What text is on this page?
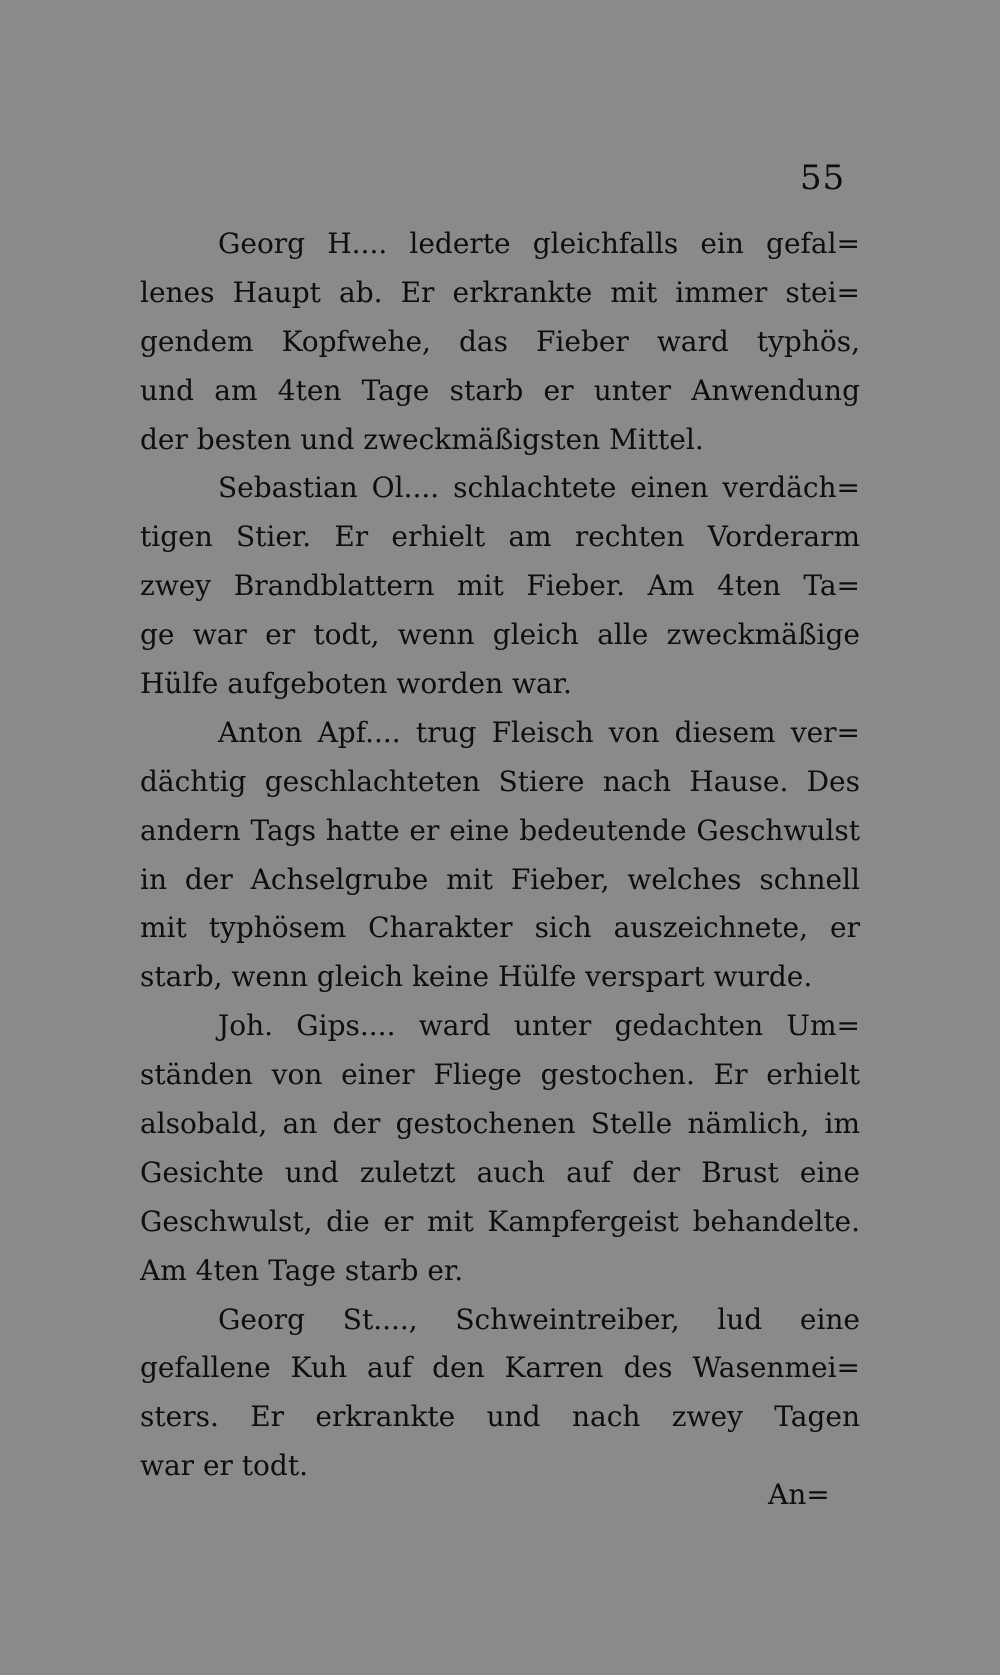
55
Georg H.... lederte gleichfalls ein gefal=
lenes Haupt ab. Er erkrankte mit immer stei=
gendem Kopfwehe, das Fieber ward typhös,
und am 4ten Tage starb er unter Anwendung
der besten und zweckmäßigsten Mittel.
Sebastian Ol.... schlachtete einen verdäch=
tigen Stier. Er erhielt am rechten Vorderarm
zwey Brandblattern mit Fieber. Am 4ten Ta=
ge war er todt, wenn gleich alle zweckmäßige
Hülfe aufgeboten worden war.
Anton Apf.... trug Fleisch von diesem ver=
dächtig geschlachteten Stiere nach Hause. Des
andern Tags hatte er eine bedeutende Geschwulst
in der Achselgrube mit Fieber, welches schnell
mit typhösem Charakter sich auszeichnete, er
starb, wenn gleich keine Hülfe verspart wurde.
Joh. Gips.... ward unter gedachten Um=
ständen von einer Fliege gestochen. Er erhielt
alsobald, an der gestochenen Stelle nämlich, im
Gesichte und zuletzt auch auf der Brust eine
Geschwulst, die er mit Kampfergeist behandelte.
Am 4ten Tage starb er.
Georg St...., Schweintreiber, lud eine
gefallene Kuh auf den Karren des Wasenmei=
sters. Er erkrankte und nach zwey Tagen
war er todt.
An=
